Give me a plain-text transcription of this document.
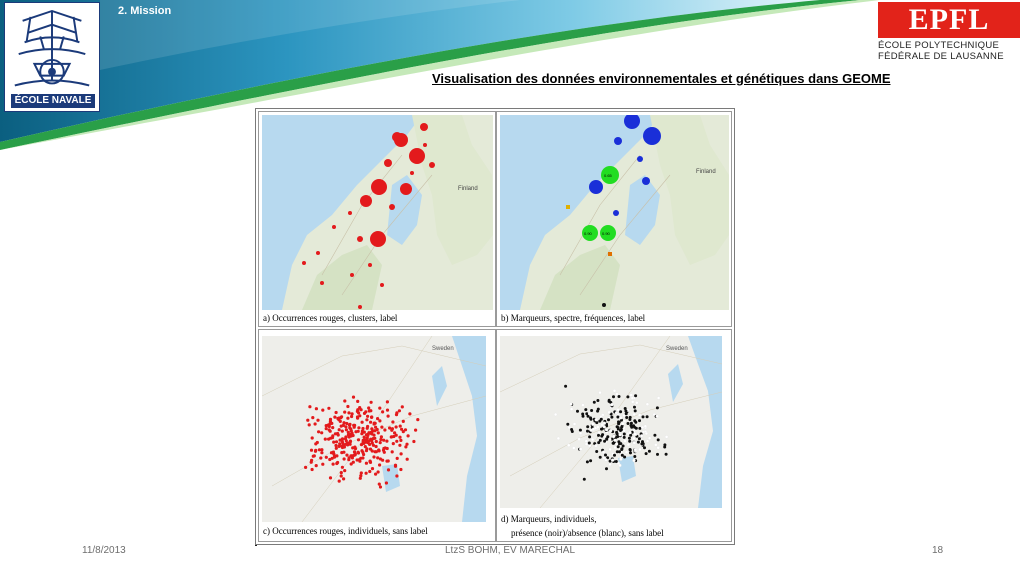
2. Mission
ÉCOLE NAVALE
EPFL
ÉCOLE POLYTECHNIQUE
FÉDÉRALE DE LAUSANNE
Visualisation des données environnementales et génétiques dans GEOME
Finland
a) Occurrences rouges, clusters, label
Finland
0.65
0.90	0.90
b) Marqueurs, spectre, fréquences, label
Sweden
c) Occurrences rouges, individuels, sans label
Sweden
d) Marqueurs, individuels,
présence (noir)/absence (blanc), sans label
11/8/2013	LtzS BOHM, EV MARECHAL	18
